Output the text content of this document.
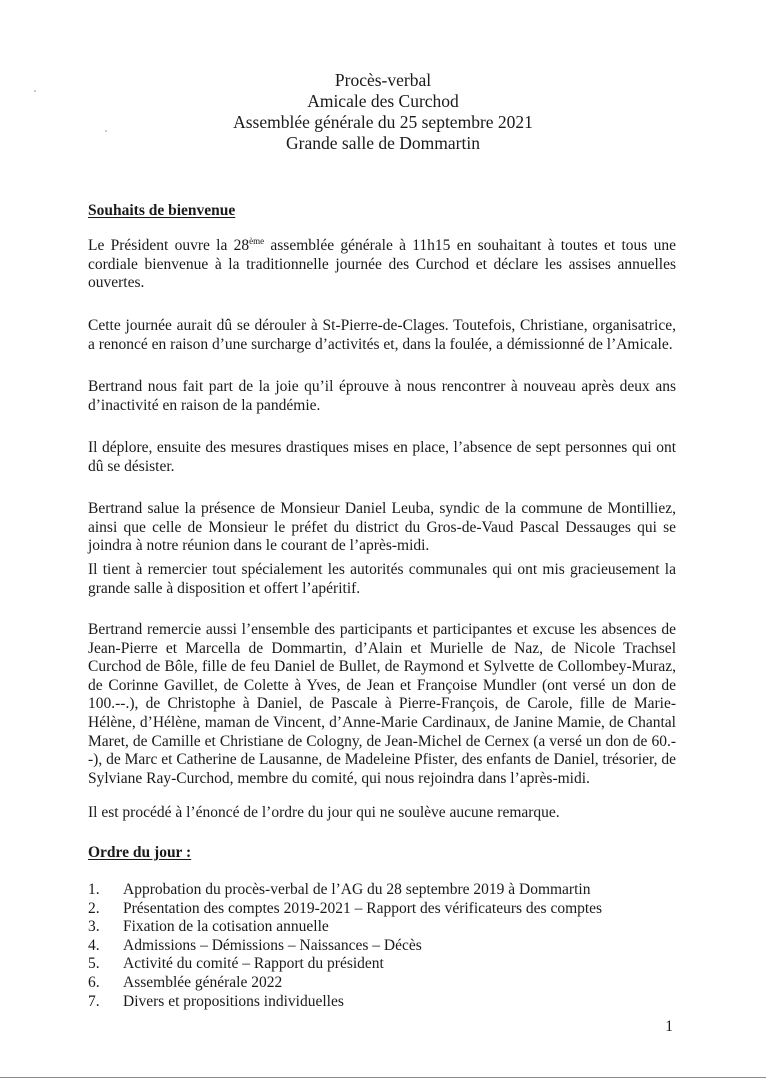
Procès-verbal
Amicale des Curchod
Assemblée générale du 25 septembre 2021
Grande salle de Dommartin
Souhaits de bienvenue

Le Président ouvre la 28ème assemblée générale à 11h15 en souhaitant à toutes et tous une cordiale bienvenue à la traditionnelle journée des Curchod et déclare les assises annuelles ouvertes.

Cette journée aurait dû se dérouler à St-Pierre-de-Clages. Toutefois, Christiane, organisatrice, a renoncé en raison d’une surcharge d’activités et, dans la foulée, a démissionné de l’Amicale.

Bertrand nous fait part de la joie qu’il éprouve à nous rencontrer à nouveau après deux ans d’inactivité en raison de la pandémie.

Il déplore, ensuite des mesures drastiques mises en place, l’absence de sept personnes qui ont dû se désister.

Bertrand salue la présence de Monsieur Daniel Leuba, syndic de la commune de Montilliez, ainsi que celle de Monsieur le préfet du district du Gros-de-Vaud Pascal Dessauges qui se joindra à notre réunion dans le courant de l’après-midi.

Il tient à remercier tout spécialement les autorités communales qui ont mis gracieusement la grande salle à disposition et offert l’apéritif.

Bertrand remercie aussi l’ensemble des participants et participantes et excuse les absences de Jean-Pierre et Marcella de Dommartin, d’Alain et Murielle de Naz, de Nicole Trachsel Curchod de Bôle, fille de feu Daniel de Bullet, de Raymond et Sylvette de Collombey-Muraz, de Corinne Gavillet, de Colette à Yves, de Jean et Françoise Mundler (ont versé un don de 100.--.), de Christophe à Daniel, de Pascale à Pierre-François, de Carole, fille de Marie-Hélène, d’Hélène, maman de Vincent, d’Anne-Marie Cardinaux, de Janine Mamie, de Chantal Maret, de Camille et Christiane de Cologny, de Jean-Michel de Cernex (a versé un don de 60.--), de Marc et Catherine de Lausanne, de Madeleine Pfister, des enfants de Daniel, trésorier, de Sylviane Ray-Curchod, membre du comité, qui nous rejoindra dans l’après-midi.

Il est procédé à l’énoncé de l’ordre du jour qui ne soulève aucune remarque.

Ordre du jour :
1.	Approbation du procès-verbal de l’AG du 28 septembre 2019 à Dommartin
2.	Présentation des comptes 2019-2021 – Rapport des vérificateurs des comptes
3.	Fixation de la cotisation annuelle
4.	Admissions – Démissions – Naissances – Décès
5.	Activité du comité – Rapport du président
6.	Assemblée générale 2022
7.	Divers et propositions individuelles
1
